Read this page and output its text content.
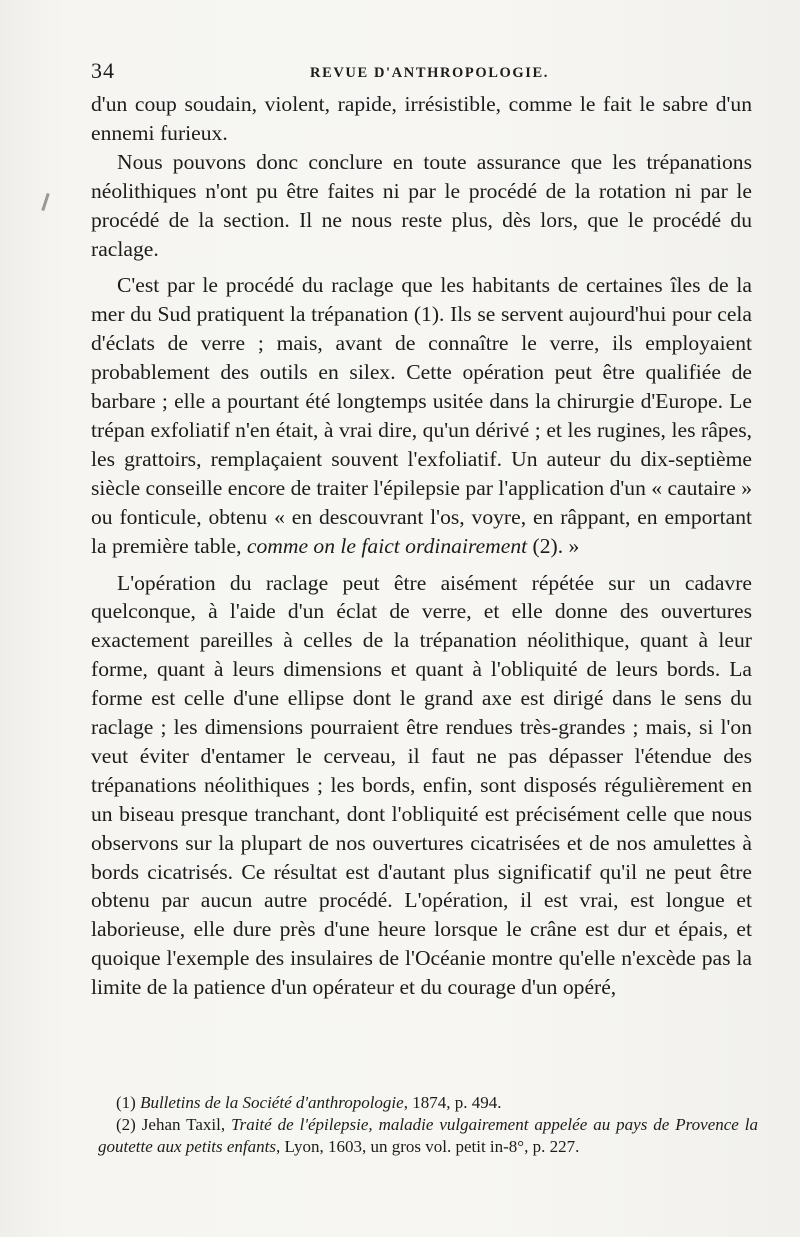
34	REVUE D'ANTHROPOLOGIE.

d'un coup soudain, violent, rapide, irrésistible, comme le fait le sabre d'un ennemi furieux.

Nous pouvons donc conclure en toute assurance que les trépanations néolithiques n'ont pu être faites ni par le procédé de la rotation ni par le procédé de la section. Il ne nous reste plus, dès lors, que le procédé du raclage.

C'est par le procédé du raclage que les habitants de certaines îles de la mer du Sud pratiquent la trépanation (1). Ils se servent aujourd'hui pour cela d'éclats de verre ; mais, avant de connaître le verre, ils employaient probablement des outils en silex. Cette opération peut être qualifiée de barbare ; elle a pourtant été longtemps usitée dans la chirurgie d'Europe. Le trépan exfoliatif n'en était, à vrai dire, qu'un dérivé ; et les rugines, les râpes, les grattoirs, remplaçaient souvent l'exfoliatif. Un auteur du dix-septième siècle conseille encore de traiter l'épilepsie par l'application d'un « cautaire » ou fonticule, obtenu « en descouvrant l'os, voyre, en râppant, en emportant la première table, comme on le faict ordinairement (2). »

L'opération du raclage peut être aisément répétée sur un cadavre quelconque, à l'aide d'un éclat de verre, et elle donne des ouvertures exactement pareilles à celles de la trépanation néolithique, quant à leur forme, quant à leurs dimensions et quant à l'obliquité de leurs bords. La forme est celle d'une ellipse dont le grand axe est dirigé dans le sens du raclage ; les dimensions pourraient être rendues très-grandes ; mais, si l'on veut éviter d'entamer le cerveau, il faut ne pas dépasser l'étendue des trépanations néolithiques ; les bords, enfin, sont disposés régulièrement en un biseau presque tranchant, dont l'obliquité est précisément celle que nous observons sur la plupart de nos ouvertures cicatrisées et de nos amulettes à bords cicatrisés. Ce résultat est d'autant plus significatif qu'il ne peut être obtenu par aucun autre procédé. L'opération, il est vrai, est longue et laborieuse, elle dure près d'une heure lorsque le crâne est dur et épais, et quoique l'exemple des insulaires de l'Océanie montre qu'elle n'excède pas la limite de la patience d'un opérateur et du courage d'un opéré,

(1) Bulletins de la Société d'anthropologie, 1874, p. 494.

(2) Jehan Taxil, Traité de l'épilepsie, maladie vulgairement appelée au pays de Provence la goutette aux petits enfants, Lyon, 1603, un gros vol. petit in-8°, p. 227.
